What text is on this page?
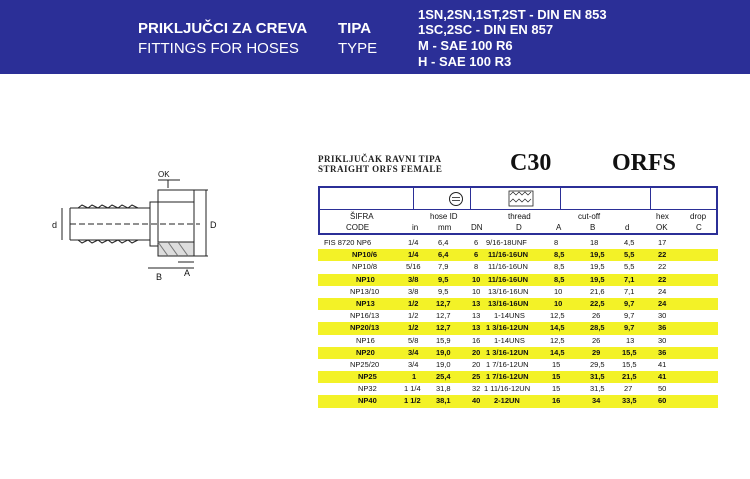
PRIKLJUČCI ZA CREVA
FITTINGS FOR HOSES
TIPA
TYPE
1SN,2SN,1ST,2ST - DIN EN 853
1SC,2SC - DIN EN 857
M - SAE 100 R6
H - SAE 100 R3
OK
d	D
B A
PRIKLJUČAK RAVNI TIPA
STRAIGHT ORFS FEMALE	C30	ORFS
ŠIFRA	hose ID	thread	cut-off	hex	drop
CODE	in mm DN	D	A	B	d	OK	C
FIS 8720 NP6	1/4	6,4	6 9/16-18UNF	8	18	4,5	17
NP10/6	1/4	6,4	6 11/16-16UN	8,5	19,5	5,5	22
NP10/8	5/16 7,9	8 11/16-16UN	8,5	19,5	5,5	22
NP10	3/8	9,5	10 11/16-16UN	8,5	19,5	7,1	22
NP13/10	3/8	9,5	10 13/16-16UN	10	21,6	7,1	24
NP13	1/2 12,7	13 13/16-16UN	10	22,5	9,7	24
NP16/13	1/2 12,7	13 1-14UNS	12,5	26	9,7	30
NP20/13	1/2 12,7	13 1 3/16-12UN	14,5	28,5	9,7	36
NP16	5/8 15,9	16 1-14UNS	12,5	26	13	30
NP20	3/4 19,0	20 1 3/16-12UN	14,5	29	15,5	36
NP25/20	3/4 19,0	20 1 7/16-12UN	15	29,5 15,5	41
NP25	1	25,4	25 1 7/16-12UN	15	31,5 21,5	41
NP32	1 1/4 31,8	32 1 11/16-12UN	15	31,5	27	50
NP40	1 1/2 38,1	40 2-12UN	16	34	33,5	60
